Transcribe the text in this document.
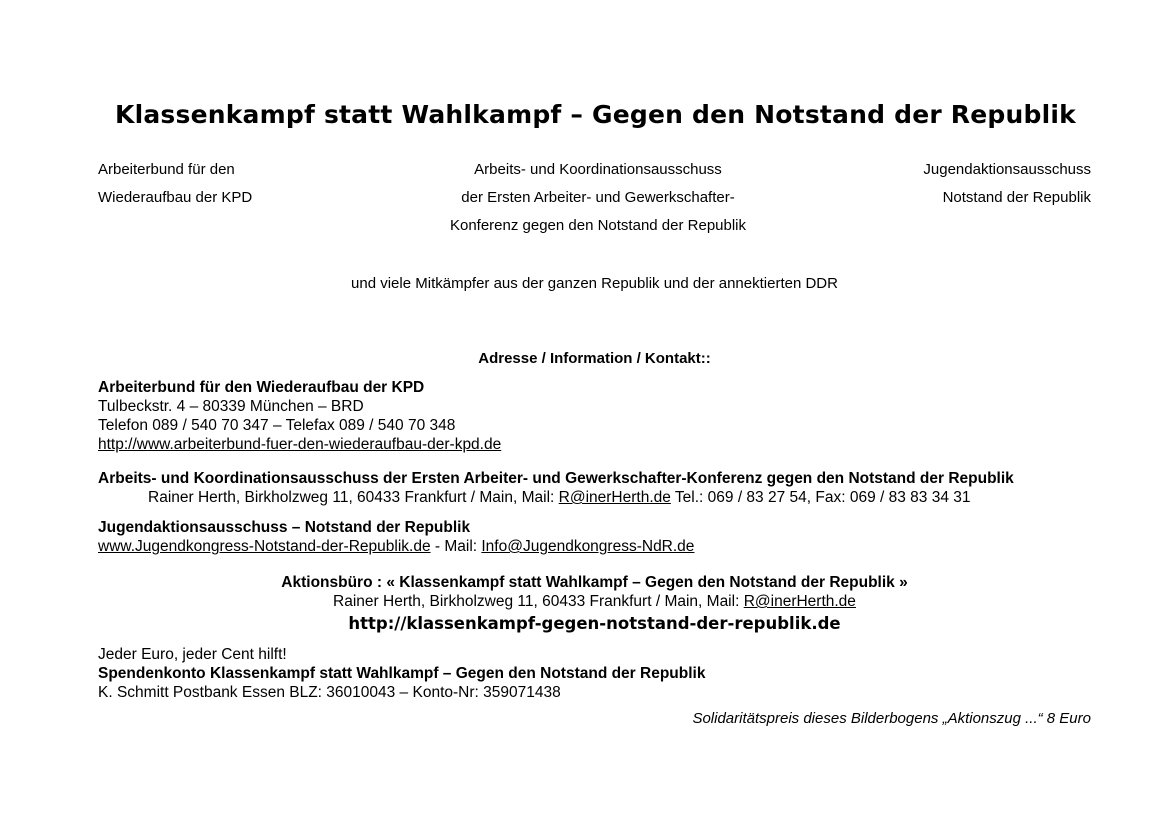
Klassenkampf statt Wahlkampf – Gegen den Notstand der Republik
Arbeiterbund für den
Wiederaufbau der KPD
Arbeits- und Koordinationsausschuss
der Ersten Arbeiter- und Gewerkschafter-
Konferenz gegen den Notstand der Republik
Jugendaktionsausschuss
Notstand der Republik
und viele Mitkämpfer aus der ganzen Republik und der annektierten DDR
Adresse / Information / Kontakt::
Arbeiterbund für den Wiederaufbau der KPD
Tulbeckstr. 4 – 80339 München – BRD
Telefon 089 / 540 70 347 – Telefax 089 / 540 70 348
http://www.arbeiterbund-fuer-den-wiederaufbau-der-kpd.de
Arbeits- und Koordinationsausschuss der Ersten Arbeiter- und Gewerkschafter-Konferenz gegen den Notstand der Republik
Rainer Herth, Birkholzweg 11, 60433 Frankfurt / Main, Mail: R@inerHerth.de Tel.: 069 / 83 27 54, Fax: 069 / 83 83 34 31
Jugendaktionsausschuss – Notstand der Republik
www.Jugendkongress-Notstand-der-Republik.de - Mail: Info@Jugendkongress-NdR.de
Aktionsbüro : « Klassenkampf statt Wahlkampf – Gegen den Notstand der Republik »
Rainer Herth, Birkholzweg 11, 60433 Frankfurt / Main, Mail: R@inerHerth.de
http://klassenkampf-gegen-notstand-der-republik.de
Jeder Euro, jeder Cent hilft!
Spendenkonto Klassenkampf statt Wahlkampf – Gegen den Notstand der Republik
K. Schmitt Postbank Essen BLZ: 36010043 – Konto-Nr: 359071438
Solidaritätspreis dieses Bilderbogens „Aktionszug ...“ 8 Euro
